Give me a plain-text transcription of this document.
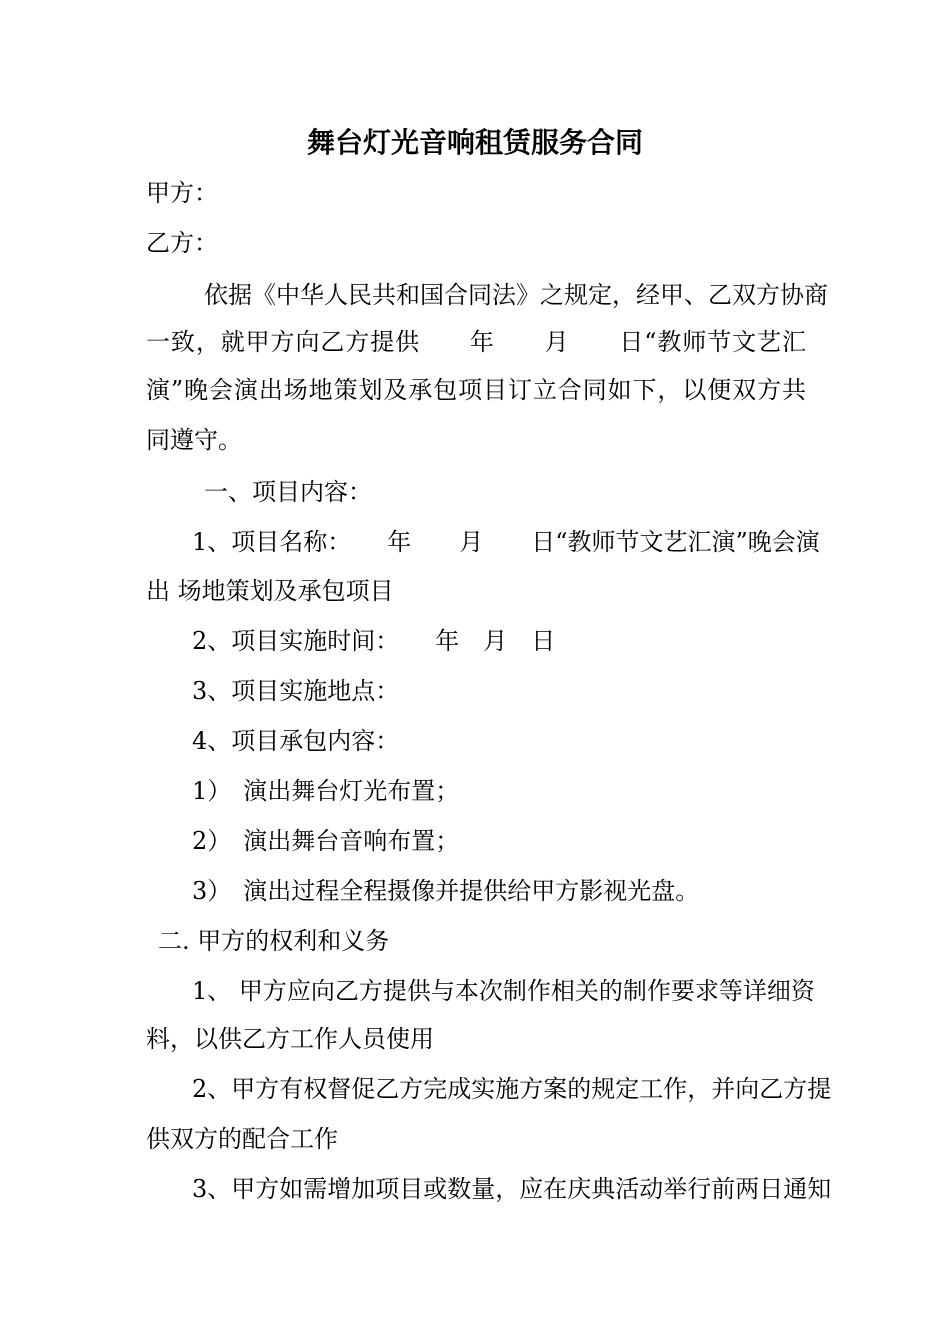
舞台灯光音响租赁服务合同
甲方：
乙方：
依据《中华人民共和国合同法》之规定，经甲、乙双方协商
一致，就甲方向乙方提供　　年　　月　　日“教师节文艺汇
演”晚会演出场地策划及承包项目订立合同如下，以便双方共
同遵守。
一、项目内容：
1、项目名称：　　年　　月　　日“教师节文艺汇演”晚会演
出 场地策划及承包项目
2、项目实施时间：　　年　月　日
3、项目实施地点：
4、项目承包内容：
1）　演出舞台灯光布置；
2）　演出舞台音响布置；
3）　演出过程全程摄像并提供给甲方影视光盘。
二. 甲方的权利和义务
1、 甲方应向乙方提供与本次制作相关的制作要求等详细资
料，以供乙方工作人员使用
2、甲方有权督促乙方完成实施方案的规定工作，并向乙方提
供双方的配合工作
3、甲方如需增加项目或数量，应在庆典活动举行前两日通知
